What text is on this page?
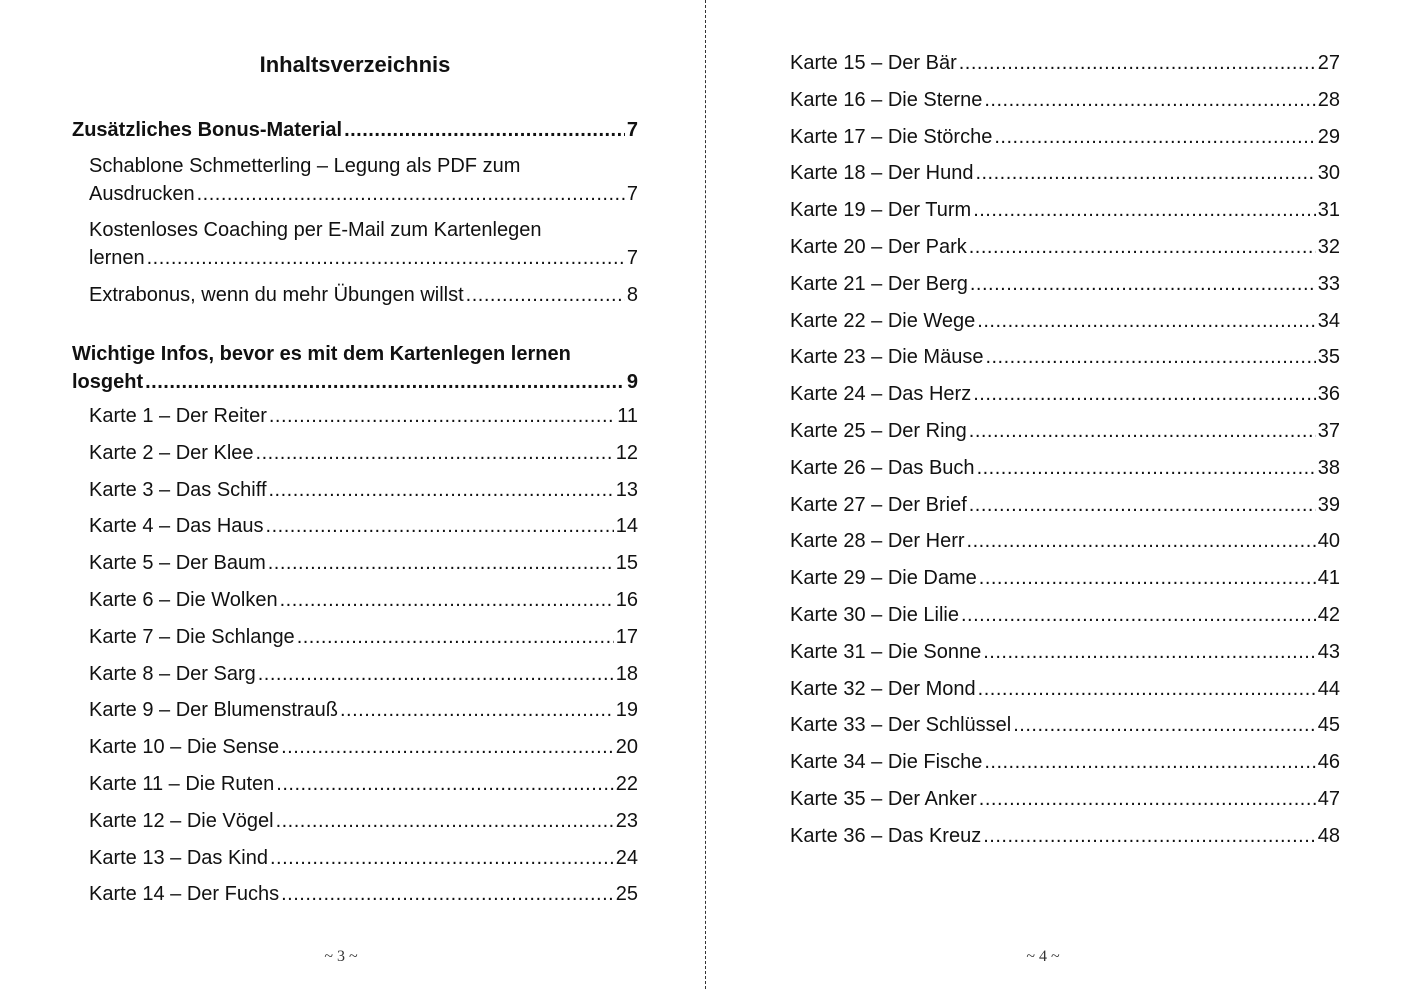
Inhaltsverzeichnis
Zusätzliches Bonus-Material .....	7
Schablone Schmetterling – Legung als PDF zum
Ausdrucken .....	7
Kostenloses Coaching per E-Mail zum Kartenlegen
lernen .....	7
Extrabonus, wenn du mehr Übungen willst .....	8
Wichtige Infos, bevor es mit dem Kartenlegen lernen
losgeht .....	9
Karte 1 – Der Reiter .....	11
Karte 2 – Der Klee .....	12
Karte 3 – Das Schiff .....	13
Karte 4 – Das Haus .....	14
Karte 5 – Der Baum .....	15
Karte 6 – Die Wolken .....	16
Karte 7 – Die Schlange .....	17
Karte 8 – Der Sarg .....	18
Karte 9 – Der Blumenstrauß .....	19
Karte 10 – Die Sense .....	20
Karte 11 – Die Ruten .....	22
Karte 12 – Die Vögel .....	23
Karte 13 – Das Kind .....	24
Karte 14 – Der Fuchs .....	25
~ 3 ~
Karte 15 – Der Bär .....	27
Karte 16 – Die Sterne .....	28
Karte 17 – Die Störche .....	29
Karte 18 – Der Hund .....	30
Karte 19 – Der Turm .....	31
Karte 20 – Der Park .....	32
Karte 21 – Der Berg .....	33
Karte 22 – Die Wege .....	34
Karte 23 – Die Mäuse .....	35
Karte 24 – Das Herz .....	36
Karte 25 – Der Ring .....	37
Karte 26 – Das Buch .....	38
Karte 27 – Der Brief .....	39
Karte 28 – Der Herr .....	40
Karte 29 – Die Dame .....	41
Karte 30 – Die Lilie .....	42
Karte 31 – Die Sonne .....	43
Karte 32 – Der Mond .....	44
Karte 33 – Der Schlüssel .....	45
Karte 34 – Die Fische .....	46
Karte 35 – Der Anker .....	47
Karte 36 – Das Kreuz .....	48
~ 4 ~
